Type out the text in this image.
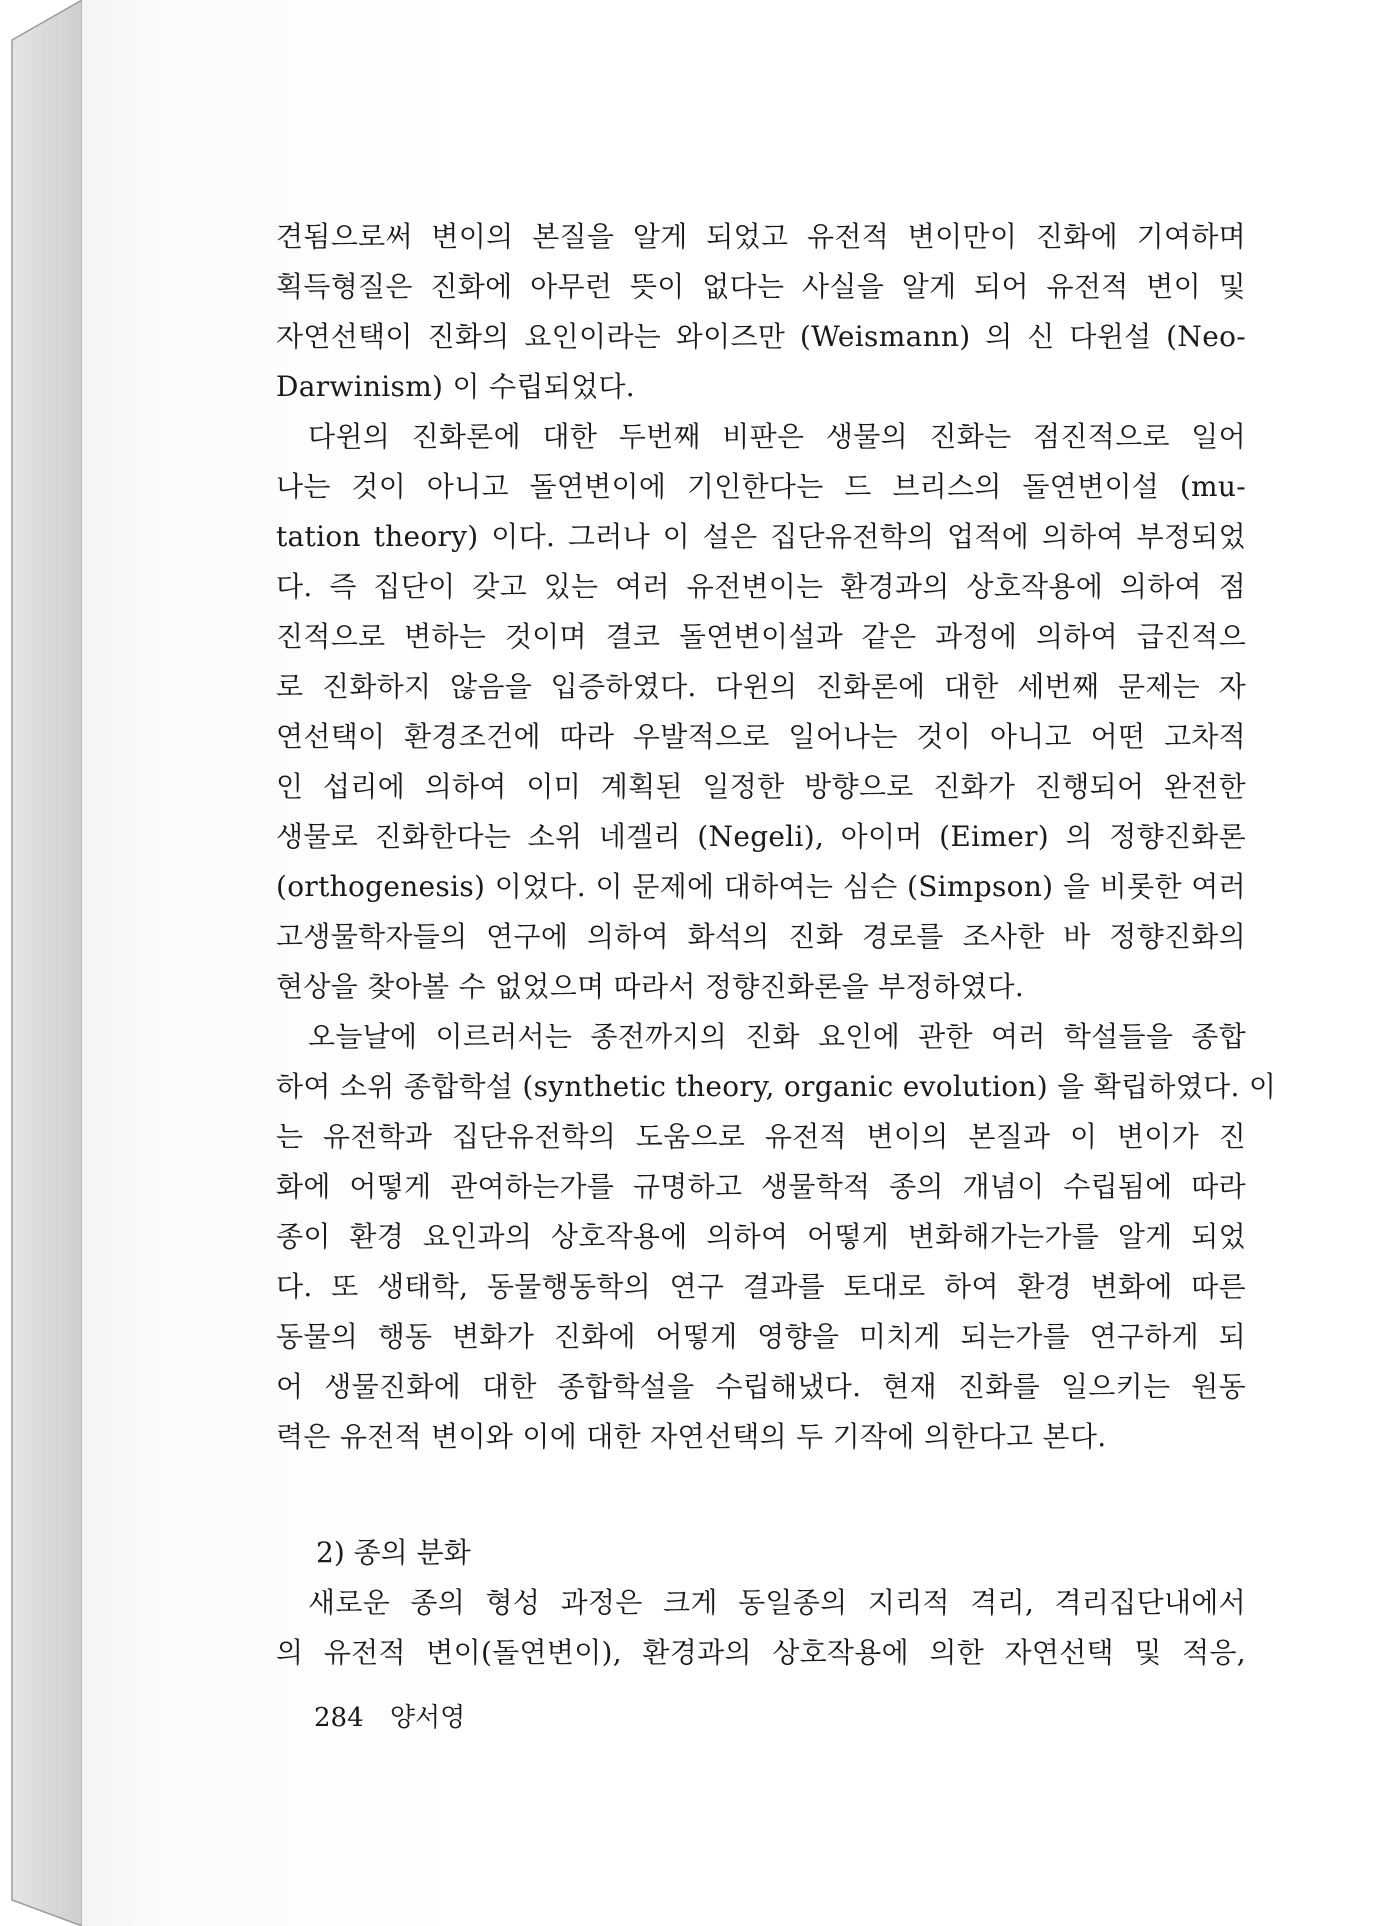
견됨으로써 변이의 본질을 알게 되었고 유전적 변이만이 진화에 기여하며
획득형질은 진화에 아무런 뜻이 없다는 사실을 알게 되어 유전적 변이 및
자연선택이 진화의 요인이라는 와이즈만 (Weismann) 의 신 다윈설 (Neo-
Darwinism) 이 수립되었다.
다윈의 진화론에 대한 두번째 비판은 생물의 진화는 점진적으로 일어
나는 것이 아니고 돌연변이에 기인한다는 드 브리스의 돌연변이설 (mu-
tation theory) 이다. 그러나 이 설은 집단유전학의 업적에 의하여 부정되었
다. 즉 집단이 갖고 있는 여러 유전변이는 환경과의 상호작용에 의하여 점
진적으로 변하는 것이며 결코 돌연변이설과 같은 과정에 의하여 급진적으
로 진화하지 않음을 입증하였다. 다윈의 진화론에 대한 세번째 문제는 자
연선택이 환경조건에 따라 우발적으로 일어나는 것이 아니고 어떤 고차적
인 섭리에 의하여 이미 계획된 일정한 방향으로 진화가 진행되어 완전한
생물로 진화한다는 소위 네겔리 (Negeli), 아이머 (Eimer) 의 정향진화론
(orthogenesis) 이었다. 이 문제에 대하여는 심슨 (Simpson) 을 비롯한 여러
고생물학자들의 연구에 의하여 화석의 진화 경로를 조사한 바 정향진화의
현상을 찾아볼 수 없었으며 따라서 정향진화론을 부정하였다.
오늘날에 이르러서는 종전까지의 진화 요인에 관한 여러 학설들을 종합
하여 소위 종합학설 (synthetic theory, organic evolution) 을 확립하였다. 이
는 유전학과 집단유전학의 도움으로 유전적 변이의 본질과 이 변이가 진
화에 어떻게 관여하는가를 규명하고 생물학적 종의 개념이 수립됨에 따라
종이 환경 요인과의 상호작용에 의하여 어떻게 변화해가는가를 알게 되었
다. 또 생태학, 동물행동학의 연구 결과를 토대로 하여 환경 변화에 따른
동물의 행동 변화가 진화에 어떻게 영향을 미치게 되는가를 연구하게 되
어 생물진화에 대한 종합학설을 수립해냈다. 현재 진화를 일으키는 원동
력은 유전적 변이와 이에 대한 자연선택의 두 기작에 의한다고 본다.
2) 종의 분화
새로운 종의 형성 과정은 크게 동일종의 지리적 격리, 격리집단내에서
의 유전적 변이(돌연변이), 환경과의 상호작용에 의한 자연선택 및 적응,
284 양서영
